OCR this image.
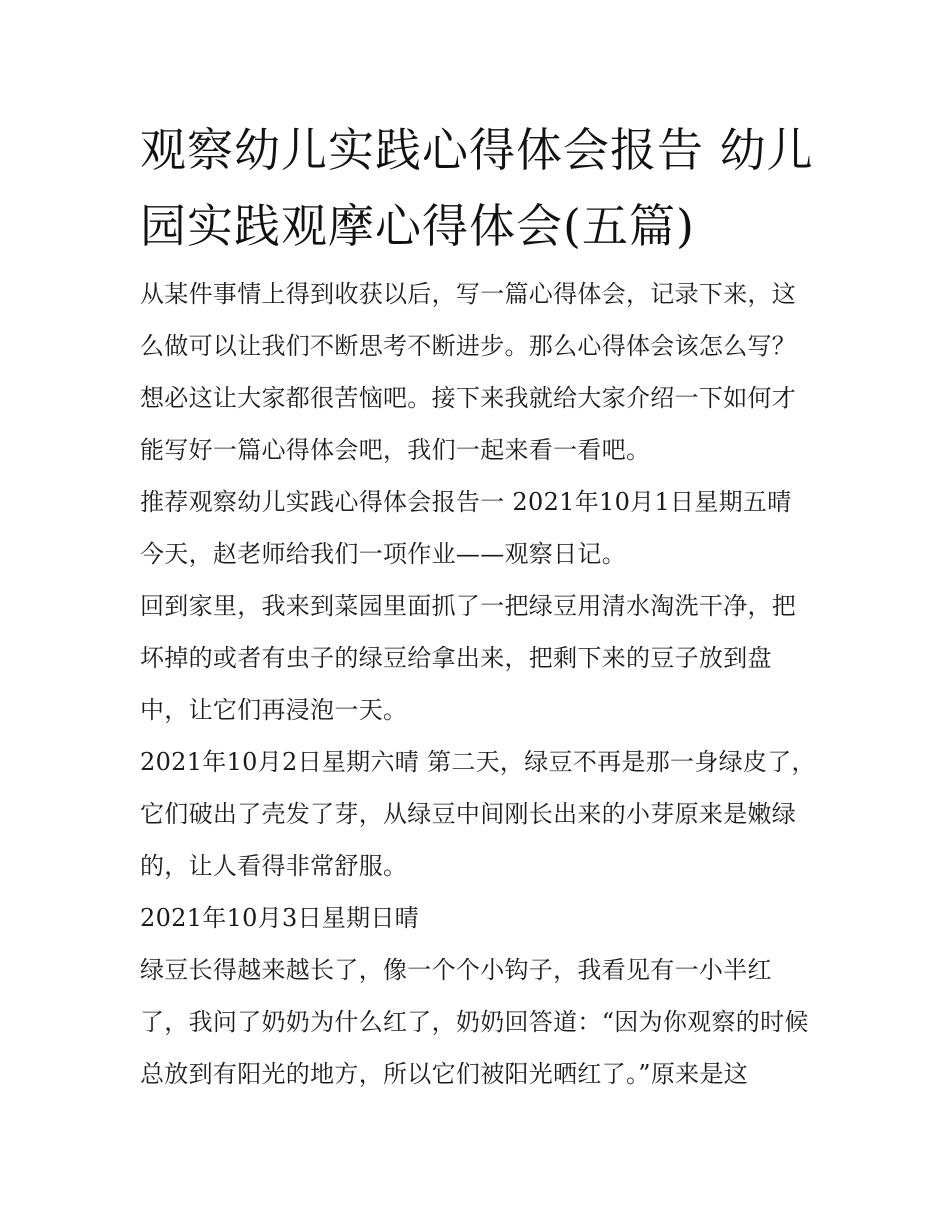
观察幼儿实践心得体会报告 幼儿园实践观摩心得体会(五篇)

从某件事情上得到收获以后，写一篇心得体会，记录下来，这么做可以让我们不断思考不断进步。那么心得体会该怎么写？想必这让大家都很苦恼吧。接下来我就给大家介绍一下如何才能写好一篇心得体会吧，我们一起来看一看吧。

推荐观察幼儿实践心得体会报告一 2021年10月1日星期五晴

今天，赵老师给我们一项作业——观察日记。

回到家里，我来到菜园里面抓了一把绿豆用清水淘洗干净，把坏掉的或者有虫子的绿豆给拿出来，把剩下来的豆子放到盘中，让它们再浸泡一天。

2021年10月2日星期六晴 第二天，绿豆不再是那一身绿皮了，它们破出了壳发了芽，从绿豆中间刚长出来的小芽原来是嫩绿的，让人看得非常舒服。

2021年10月3日星期日晴

绿豆长得越来越长了，像一个个小钩子，我看见有一小半红了，我问了奶奶为什么红了，奶奶回答道：“因为你观察的时候总放到有阳光的地方，所以它们被阳光晒红了。”原来是这
